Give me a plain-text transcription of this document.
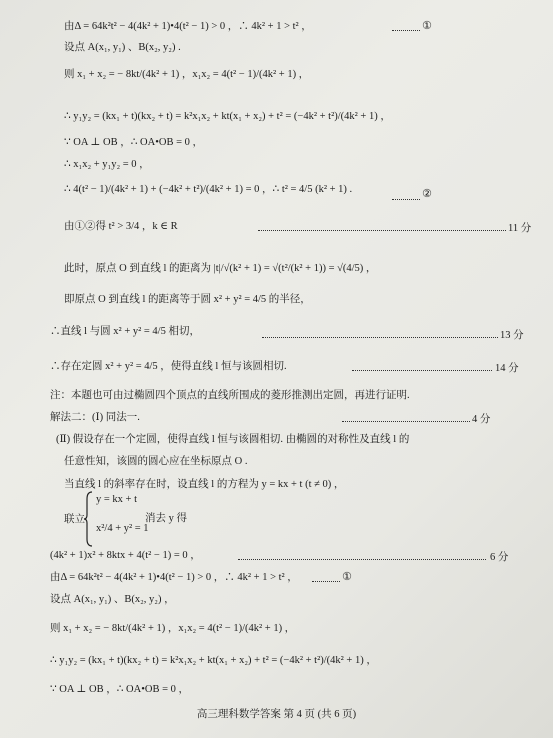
由Δ = 64k²t² − 4(4k² + 1)•4(t² − 1) > 0 ，∴ 4k² + 1 > t² ，	①
设点 A(x₁, y₁) 、B(x₂, y₂) .
则 x₁ + x₂ = − 8kt/(4k² + 1) ，x₁x₂ = 4(t² − 1)/(4k² + 1) ，
∴ y₁y₂ = (kx₁ + t)(kx₂ + t) = k²x₁x₂ + kt(x₁ + x₂) + t² = (−4k² + t²)/(4k² + 1) ，
∵ OA ⊥ OB ，∴ OA•OB = 0 ，
∴ x₁x₂ + y₁y₂ = 0 ，
∴ 4(t² − 1)/(4k² + 1) + (−4k² + t²)/(4k² + 1) = 0 ，∴ t² = 4/5 (k² + 1) .	②
由①②得 t² > 3/4 ，k ∈ R	11 分
此时，原点 O 到直线 l 的距离为 |t|/√(k² + 1) = √(t²/(k² + 1)) = √(4/5) ，
即原点 O 到直线 l 的距离等于圆 x² + y² = 4/5 的半径，
∴直线 l 与圆 x² + y² = 4/5 相切，	13 分
∴存在定圆 x² + y² = 4/5 ，使得直线 l 恒与该圆相切.	14 分
注：本题也可由过椭圆四个顶点的直线所围成的菱形推测出定圆，再进行证明.
解法二：(Ⅰ) 同法一.	4 分
(Ⅱ) 假设存在一个定圆，使得直线 l 恒与该圆相切. 由椭圆的对称性及直线 l 的
任意性知，该圆的圆心应在坐标原点 O .
当直线 l 的斜率存在时，设直线 l 的方程为 y = kx + t (t ≠ 0) ，
联立
y = kx + t
x²/4 + y² = 1
消去 y 得
(4k² + 1)x² + 8ktx + 4(t² − 1) = 0 ，	6 分
由Δ = 64k²t² − 4(4k² + 1)•4(t² − 1) > 0 ，∴ 4k² + 1 > t² ，	①
设点 A(x₁, y₁) 、B(x₂, y₂) ，
则 x₁ + x₂ = − 8kt/(4k² + 1) ，x₁x₂ = 4(t² − 1)/(4k² + 1) ，
∴ y₁y₂ = (kx₁ + t)(kx₂ + t) = k²x₁x₂ + kt(x₁ + x₂) + t² = (−4k² + t²)/(4k² + 1) ，
∵ OA ⊥ OB ，∴ OA•OB = 0 ，
高三理科数学答案 第 4 页 (共 6 页)
